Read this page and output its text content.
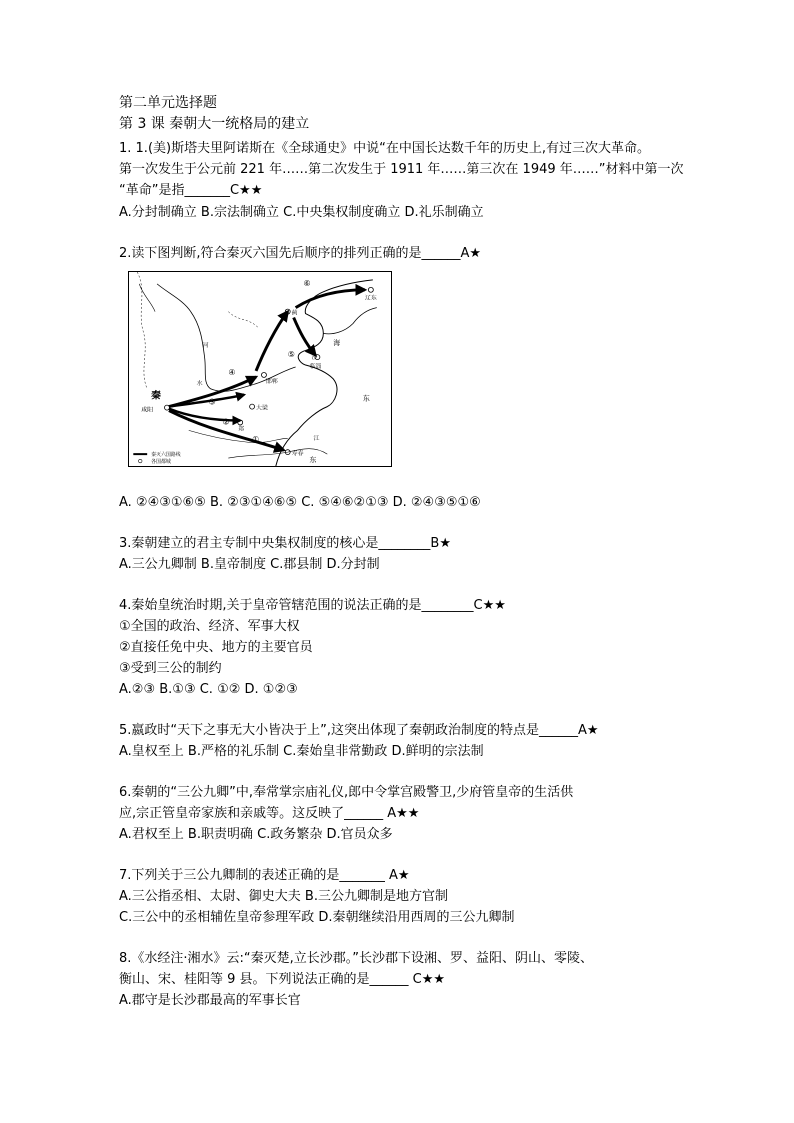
第二单元选择题
第 3 课 秦朝大一统格局的建立
1. 1.(美)斯塔夫里阿诺斯在《全球通史》中说“在中国长达数千年的历史上,有过三次大革命。
第一次发生于公元前 221 年……第二次发生于 1911 年……第三次在 1949 年……”材料中第一次
“革命”是指_______C★★
A.分封制确立 B.宗法制确立 C.中央集权制度确立 D.礼乐制确立
2.读下图判断,符合秦灭六国先后顺序的排列正确的是______A★
秦
咸阳
邯郸
大梁
郑
寿春
蓟
临淄
辽东
海
东
东
河
水
江
沙
①
②
③
④
⑤
⑥
秦灭六国路线
各国都城
A. ②④③①⑥⑤ B. ②③①④⑥⑤ C. ⑤④⑥②①③ D. ②④③⑤①⑥
3.秦朝建立的君主专制中央集权制度的核心是________B★
A.三公九卿制 B.皇帝制度 C.郡县制 D.分封制
4.秦始皇统治时期,关于皇帝管辖范围的说法正确的是________C★★
①全国的政治、经济、军事大权
②直接任免中央、地方的主要官员
③受到三公的制约
A.②③ B.①③ C. ①② D. ①②③
5.嬴政时“天下之事无大小皆决于上”,这突出体现了秦朝政治制度的特点是______A★
A.皇权至上 B.严格的礼乐制 C.秦始皇非常勤政 D.鲜明的宗法制
6.秦朝的“三公九卿”中,奉常掌宗庙礼仪,郎中令掌宫殿警卫,少府管皇帝的生活供
应,宗正管皇帝家族和亲戚等。这反映了______ A★★
A.君权至上 B.职责明确 C.政务繁杂 D.官员众多
7.下列关于三公九卿制的表述正确的是_______ A★
A.三公指丞相、太尉、御史大夫 B.三公九卿制是地方官制
C.三公中的丞相辅佐皇帝参理军政 D.秦朝继续沿用西周的三公九卿制
8.《水经注·湘水》云:“秦灭楚,立长沙郡。”长沙郡下设湘、罗、益阳、阴山、零陵、
衡山、宋、桂阳等 9 县。下列说法正确的是______ C★★
A.郡守是长沙郡最高的军事长官
